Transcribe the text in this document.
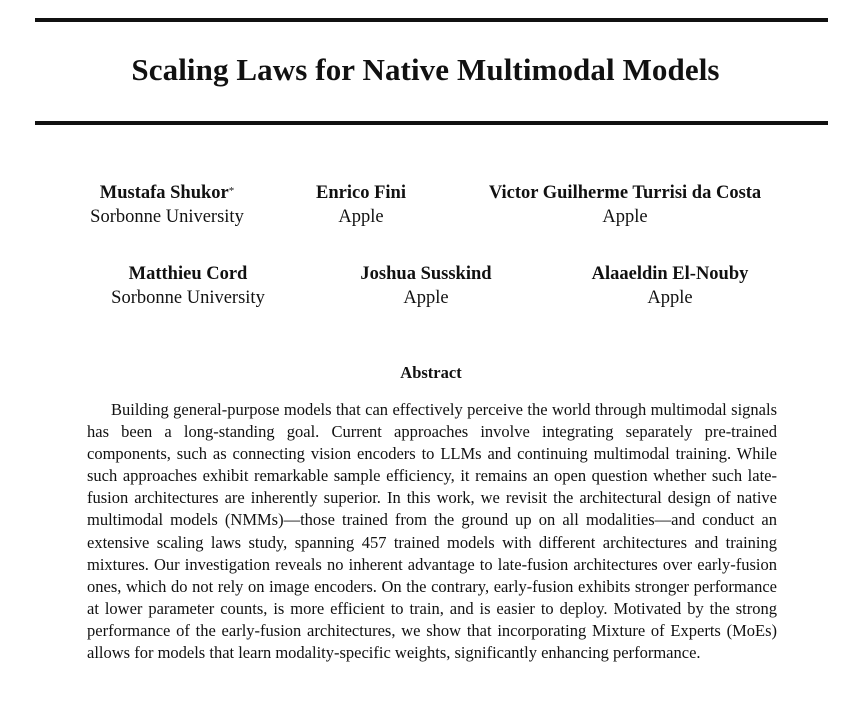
Scaling Laws for Native Multimodal Models
Mustafa Shukor*
Sorbonne University
Enrico Fini
Apple
Victor Guilherme Turrisi da Costa
Apple
Matthieu Cord
Sorbonne University
Joshua Susskind
Apple
Alaaeldin El-Nouby
Apple
Abstract

Building general-purpose models that can effectively perceive the world through multimodal signals has been a long-standing goal. Current approaches involve integrating separately pre-trained components, such as connecting vision encoders to LLMs and continuing multimodal training. While such approaches exhibit remarkable sample efficiency, it remains an open question whether such late-fusion architectures are inherently superior. In this work, we revisit the architectural design of native multimodal models (NMMs)—those trained from the ground up on all modalities—and conduct an extensive scaling laws study, spanning 457 trained models with different architectures and training mixtures. Our investigation reveals no inherent advantage to late-fusion architectures over early-fusion ones, which do not rely on image encoders. On the contrary, early-fusion exhibits stronger performance at lower parameter counts, is more efficient to train, and is easier to deploy. Motivated by the strong performance of the early-fusion architectures, we show that incorporating Mixture of Experts (MoEs) allows for models that learn modality-specific weights, significantly enhancing performance.
